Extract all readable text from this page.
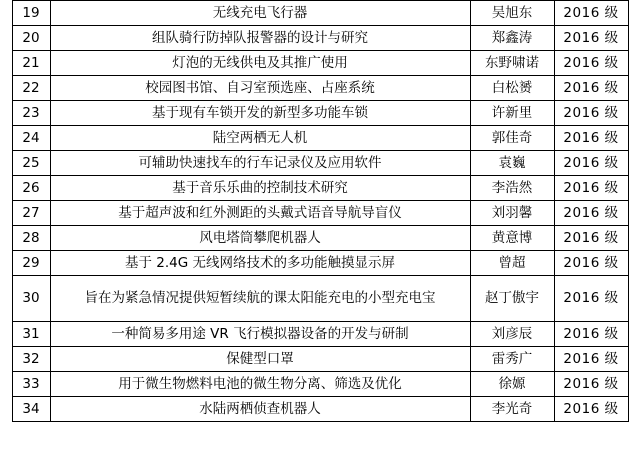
19	无线充电飞行器	吴旭东	2016 级
20	组队骑行防掉队报警器的设计与研究	郑鑫涛	2016 级
21	灯泡的无线供电及其推广使用	东野啸诺	2016 级
22	校园图书馆、自习室预选座、占座系统	白松赟	2016 级
23	基于现有车锁开发的新型多功能车锁	许新里	2016 级
24	陆空两栖无人机	郭佳奇	2016 级
25	可辅助快速找车的行车记录仪及应用软件	袁巍	2016 级
26	基于音乐乐曲的控制技术研究	李浩然	2016 级
27	基于超声波和红外测距的头戴式语音导航导盲仪	刘羽馨	2016 级
28	风电塔筒攀爬机器人	黄意博	2016 级
29	基于 2.4G 无线网络技术的多功能触摸显示屏	曾超	2016 级
30	旨在为紧急情况提供短暂续航的课太阳能充电的小型充电宝	赵丁傲宇	2016 级
31	一种简易多用途 VR 飞行模拟器设备的开发与研制	刘彦辰	2016 级
32	保健型口罩	雷秀广	2016 级
33	用于微生物燃料电池的微生物分离、筛选及优化	徐嫄	2016 级
34	水陆两栖侦查机器人	李光奇	2016 级
